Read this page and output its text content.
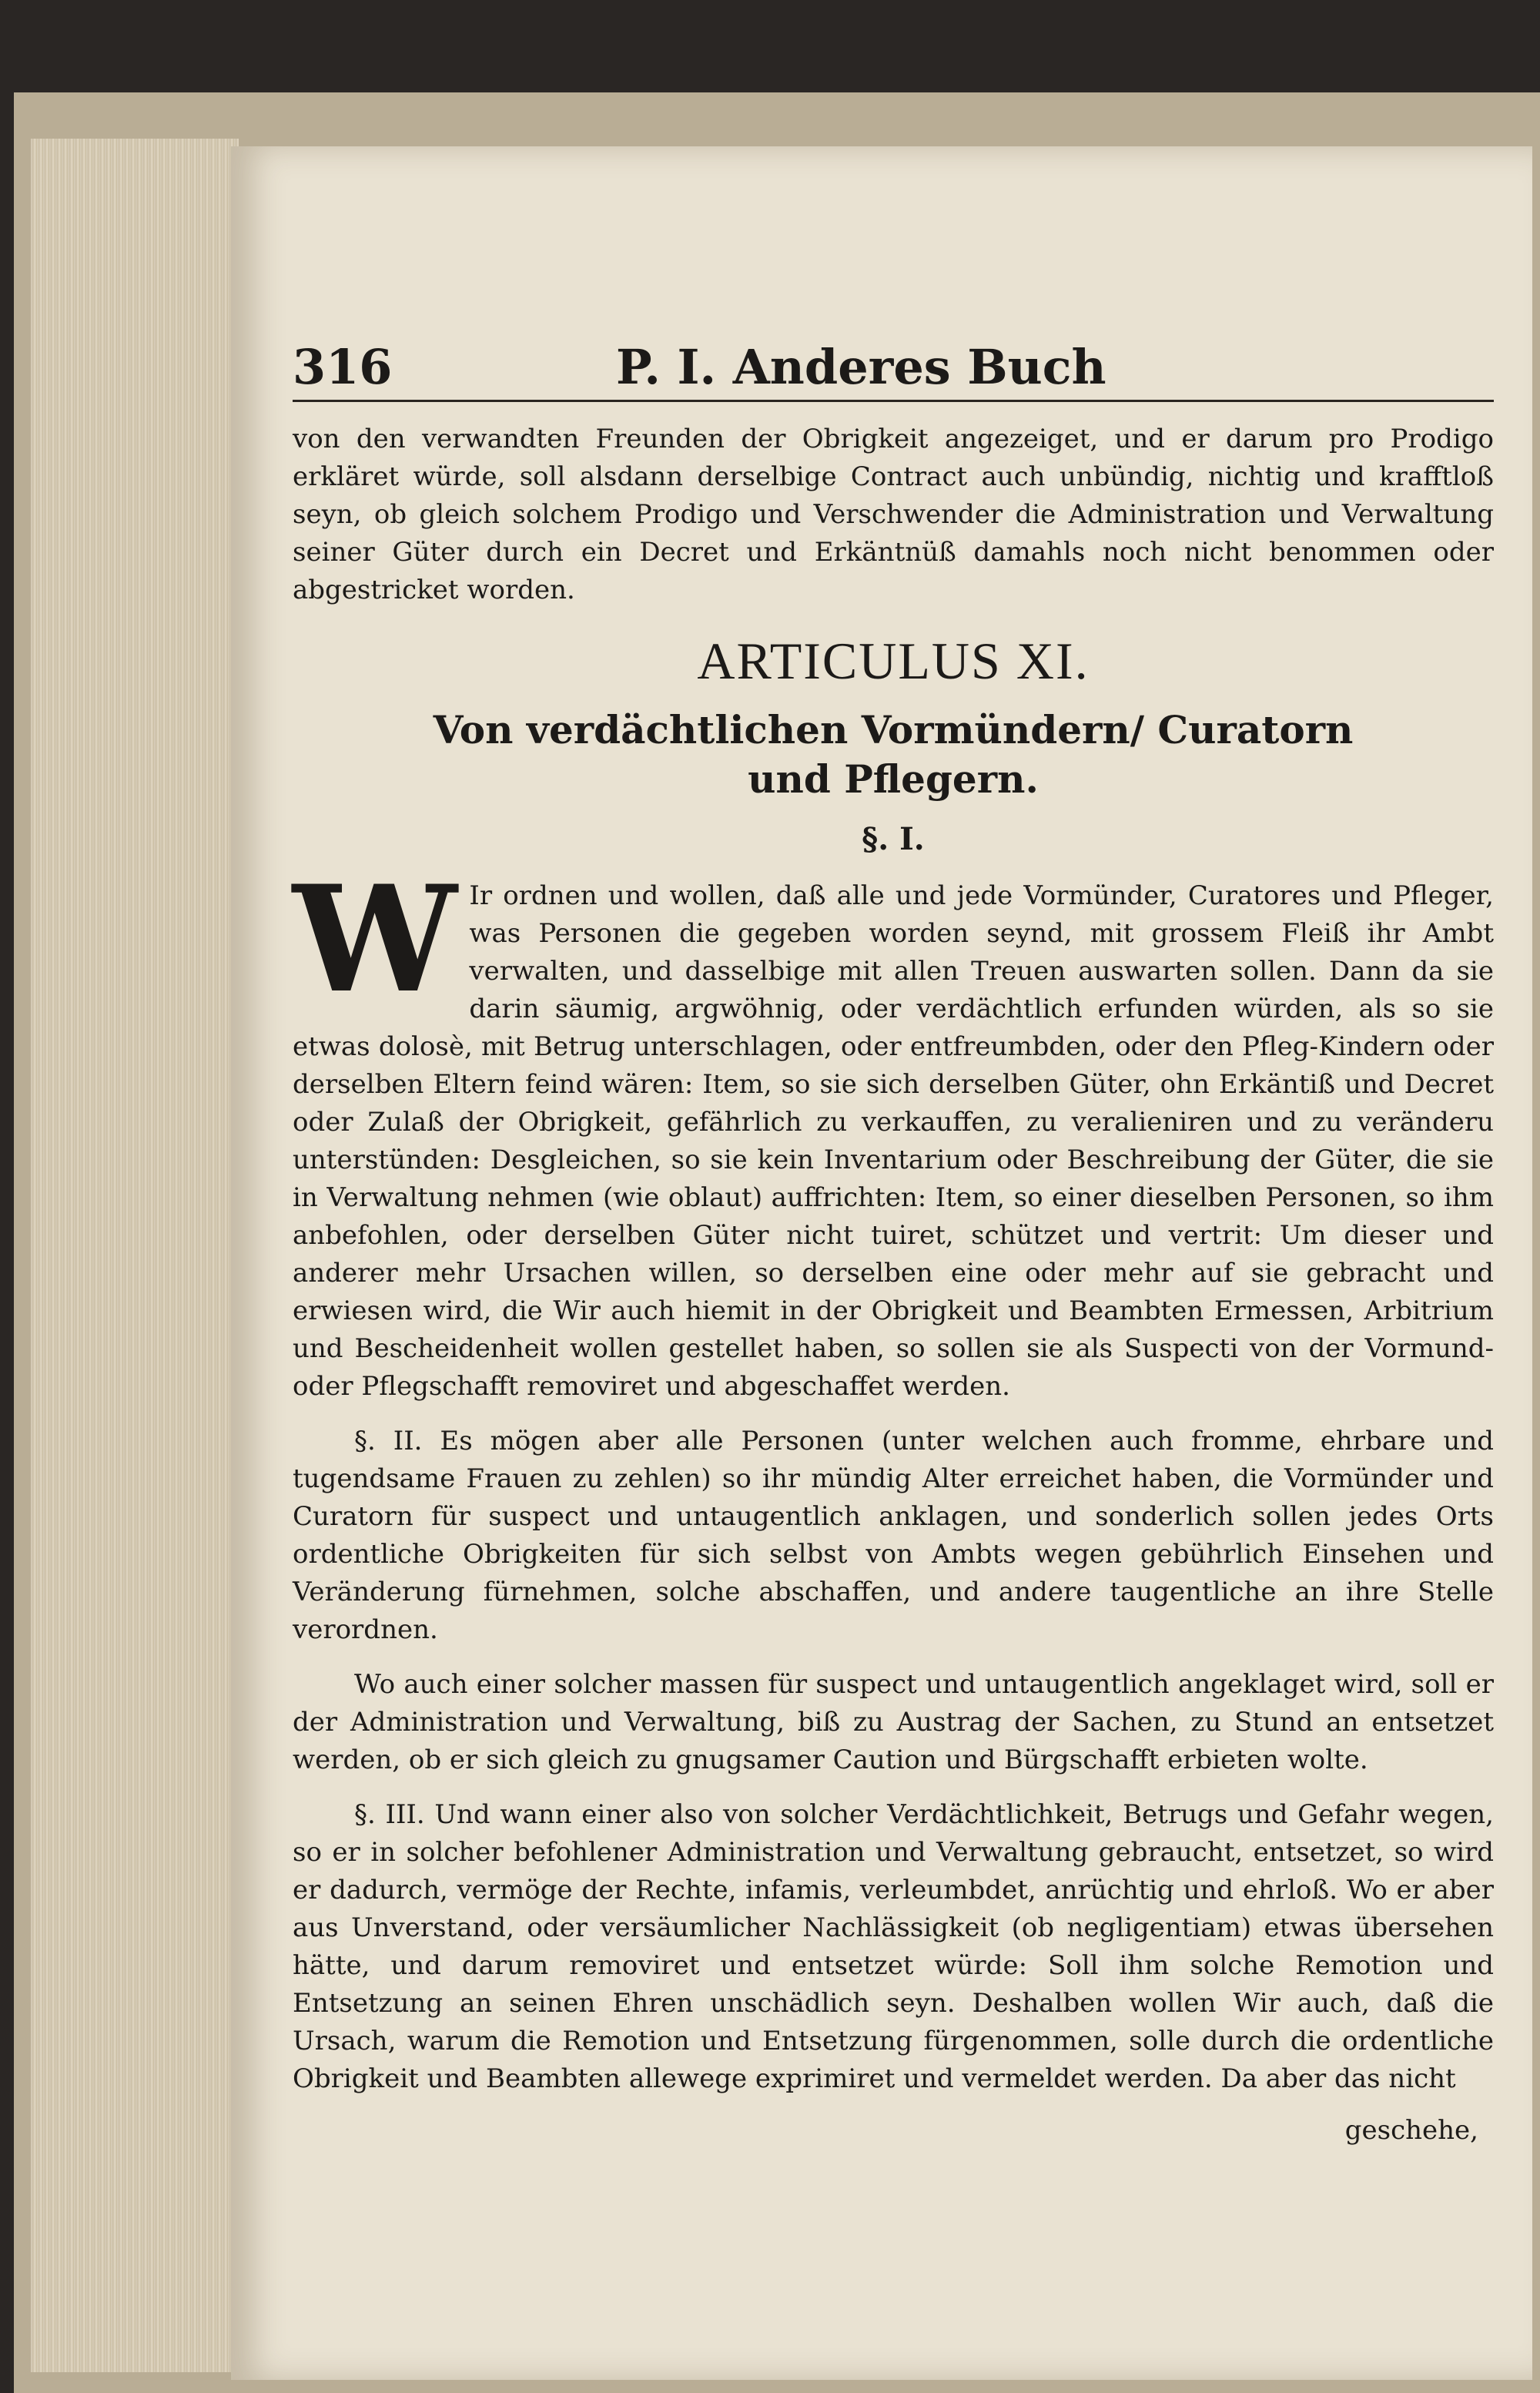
316	P. I. Anderes Buch

von den verwandten Freunden der Obrigkeit angezeiget, und er darum pro Prodigo erkläret würde, soll alsdann derselbige Contract auch unbündig, nichtig und krafftloß seyn, ob gleich solchem Prodigo und Verschwender die Administration und Verwaltung seiner Güter durch ein Decret und Erkäntnüß damahls noch nicht benommen oder abgestricket worden.

ARTICULUS XI.
Von verdächtlichen Vormündern/ Curatorn
und Pflegern.
§. I.

W Ir ordnen und wollen, daß alle und jede Vormünder, Curatores und Pfleger, was Personen die gegeben worden seynd, mit grossem Fleiß ihr Ambt verwalten, und dasselbige mit allen Treuen auswarten sollen. Dann da sie darin säumig, argwöhnig, oder verdächtlich erfunden würden, als so sie etwas dolosè, mit Betrug unterschlagen, oder entfreumbden, oder den Pfleg-Kindern oder derselben Eltern feind wären: Item, so sie sich derselben Güter, ohn Erkäntiß und Decret oder Zulaß der Obrigkeit, gefährlich zu verkauffen, zu veralieniren und zu veränderu unterstünden: Desgleichen, so sie kein Inventarium oder Beschreibung der Güter, die sie in Verwaltung nehmen (wie oblaut) auffrichten: Item, so einer dieselben Personen, so ihm anbefohlen, oder derselben Güter nicht tuiret, schützet und vertrit: Um dieser und anderer mehr Ursachen willen, so derselben eine oder mehr auf sie gebracht und erwiesen wird, die Wir auch hiemit in der Obrigkeit und Beambten Ermessen, Arbitrium und Bescheidenheit wollen gestellet haben, so sollen sie als Suspecti von der Vormund- oder Pflegschafft removiret und abgeschaffet werden.

§. II. Es mögen aber alle Personen (unter welchen auch fromme, ehrbare und tugendsame Frauen zu zehlen) so ihr mündig Alter erreichet haben, die Vormünder und Curatorn für suspect und untaugentlich anklagen, und sonderlich sollen jedes Orts ordentliche Obrigkeiten für sich selbst von Ambts wegen gebührlich Einsehen und Veränderung fürnehmen, solche abschaffen, und andere taugentliche an ihre Stelle verordnen.

Wo auch einer solcher massen für suspect und untaugentlich angeklaget wird, soll er der Administration und Verwaltung, biß zu Austrag der Sachen, zu Stund an entsetzet werden, ob er sich gleich zu gnugsamer Caution und Bürgschafft erbieten wolte.

§. III. Und wann einer also von solcher Verdächtlichkeit, Betrugs und Gefahr wegen, so er in solcher befohlener Administration und Verwaltung gebraucht, entsetzet, so wird er dadurch, vermöge der Rechte, infamis, verleumbdet, anrüchtig und ehrloß. Wo er aber aus Unverstand, oder versäumlicher Nachlässigkeit (ob negligentiam) etwas übersehen hätte, und darum removiret und entsetzet würde: Soll ihm solche Remotion und Entsetzung an seinen Ehren unschädlich seyn. Deshalben wollen Wir auch, daß die Ursach, warum die Remotion und Entsetzung fürgenommen, solle durch die ordentliche Obrigkeit und Beambten allewege exprimiret und vermeldet werden. Da aber das nicht

geschehe,
